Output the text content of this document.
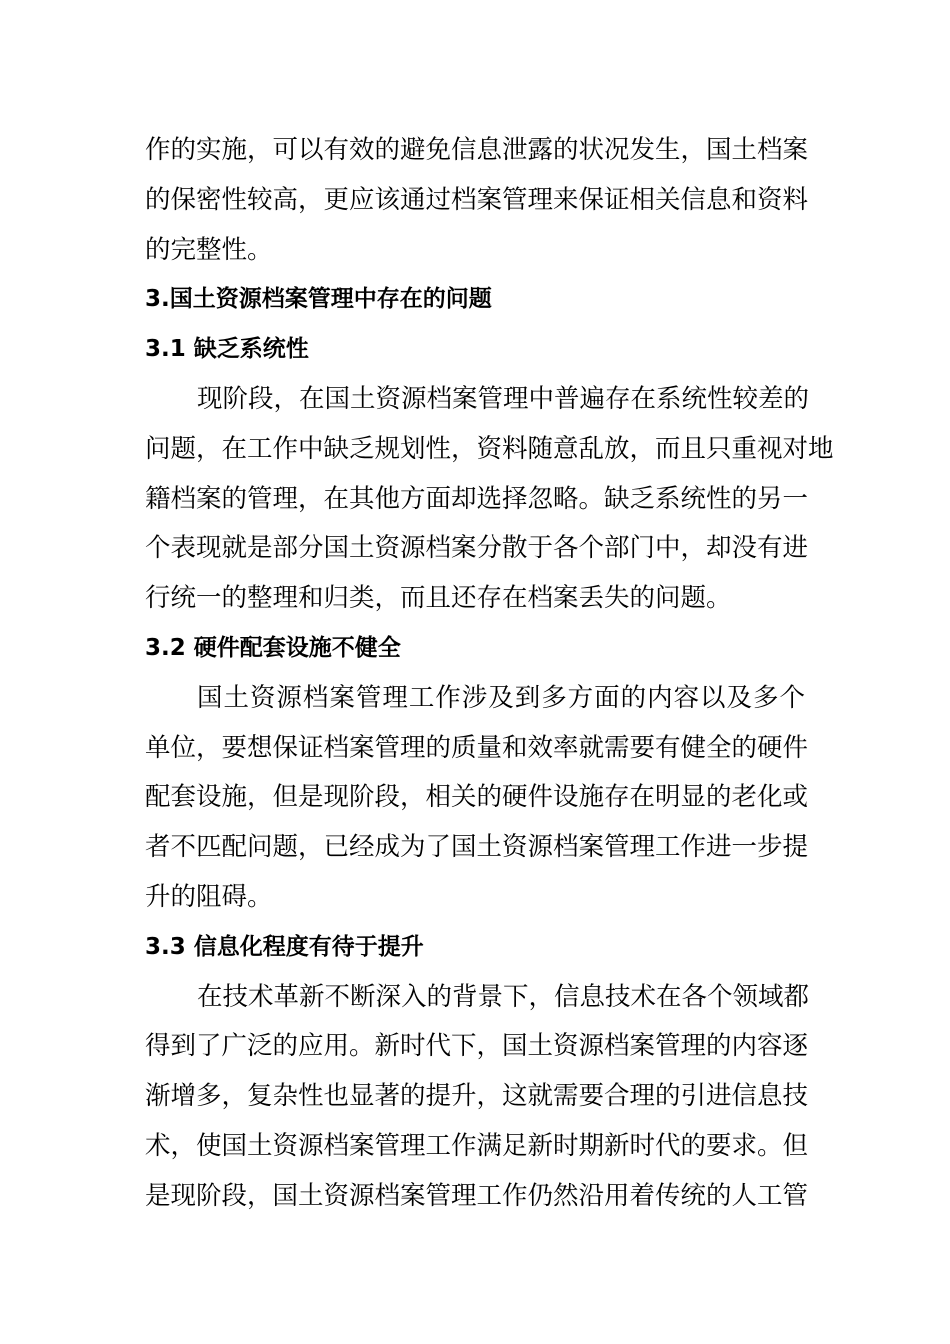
作的实施，可以有效的避免信息泄露的状况发生，国土档案
的保密性较高，更应该通过档案管理来保证相关信息和资料
的完整性。
3.国土资源档案管理中存在的问题
3.1 缺乏系统性
现阶段，在国土资源档案管理中普遍存在系统性较差的
问题，在工作中缺乏规划性，资料随意乱放，而且只重视对地
籍档案的管理，在其他方面却选择忽略。缺乏系统性的另一
个表现就是部分国土资源档案分散于各个部门中，却没有进
行统一的整理和归类，而且还存在档案丢失的问题。
3.2 硬件配套设施不健全
国土资源档案管理工作涉及到多方面的内容以及多个
单位，要想保证档案管理的质量和效率就需要有健全的硬件
配套设施，但是现阶段，相关的硬件设施存在明显的老化或
者不匹配问题，已经成为了国土资源档案管理工作进一步提
升的阻碍。
3.3 信息化程度有待于提升
在技术革新不断深入的背景下，信息技术在各个领域都
得到了广泛的应用。新时代下，国土资源档案管理的内容逐
渐增多，复杂性也显著的提升，这就需要合理的引进信息技
术，使国土资源档案管理工作满足新时期新时代的要求。但
是现阶段，国土资源档案管理工作仍然沿用着传统的人工管
